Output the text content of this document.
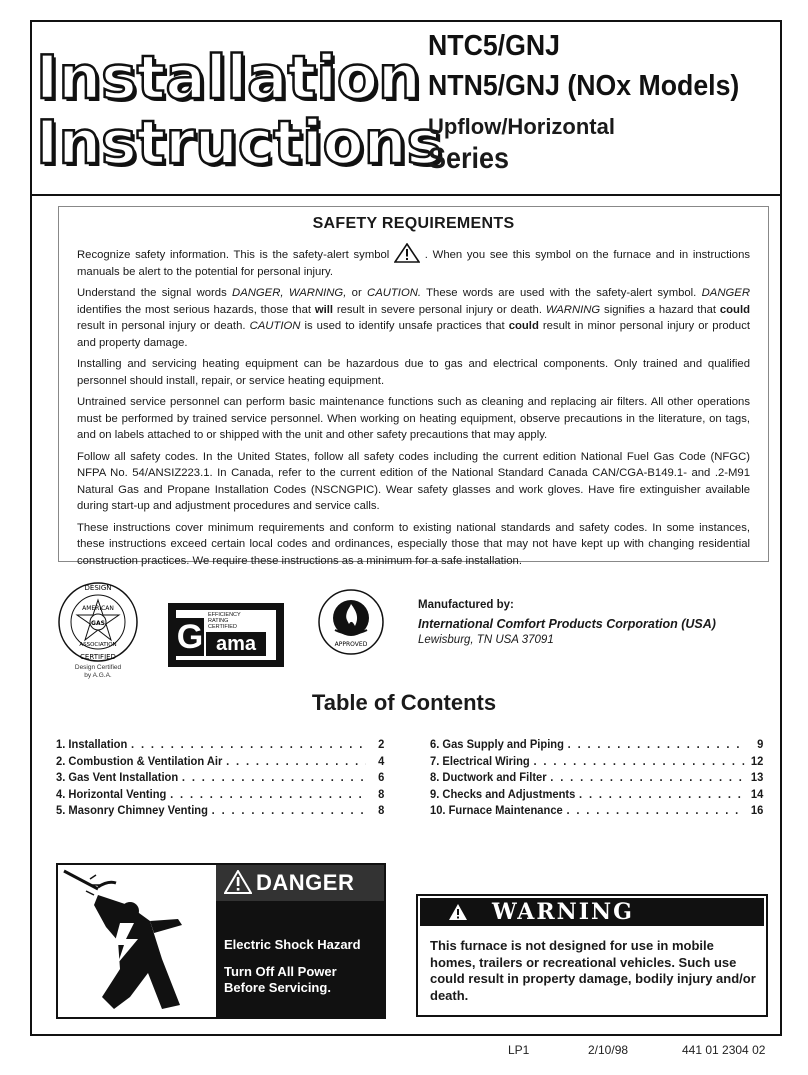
Installation
Instructions
NTC5/GNJ
NTN5/GNJ (NOx Models)
Upflow/Horizontal
Series

SAFETY REQUIREMENTS

Recognize safety information. This is the safety-alert symbol	. When you see this symbol on the furnace and in instructions manuals be alert to the potential for personal injury.

Understand the signal words DANGER, WARNING, or CAUTION. These words are used with the safety-alert symbol. DANGER identifies the most serious hazards, those that will result in severe personal injury or death. WARNING signifies a hazard that could result in personal injury or death. CAUTION is used to identify unsafe practices that could result in minor personal injury or product and property damage.

Installing and servicing heating equipment can be hazardous due to gas and electrical components. Only trained and qualified personnel should install, repair, or service heating equipment.

Untrained service personnel can perform basic maintenance functions such as cleaning and replacing air filters. All other operations must be performed by trained service personnel. When working on heating equipment, observe precautions in the literature, on tags, and on labels attached to or shipped with the unit and other safety precautions that may apply.

Follow all safety codes. In the United States, follow all safety codes including the current edition National Fuel Gas Code (NFGC) NFPA No. 54/ANSIZ223.1. In Canada, refer to the current edition of the National Standard Canada CAN/CGA-B149.1- and .2-M91 Natural Gas and Propane Installation Codes (NSCNGPIC). Wear safety glasses and work gloves. Have fire extinguisher available during start-up and adjustment procedures and service calls.

These instructions cover minimum requirements and conform to existing national standards and safety codes. In some instances, these instructions exceed certain local codes and ordinances, especially those that may not have kept up with changing residential construction practices. We require these instructions as a minimum for a safe installation.

GAS
DESIGN
AMERICAN
ASSOCIATION
CERTIFIED
Design Certified
by A.G.A.
G
EFFICIENCY
RATING
CERTIFIED
ama	APPROVED
Manufactured by:
International Comfort Products Corporation (USA)
Lewisburg, TN USA 37091
Table of Contents
1. Installation . . .	2
2. Combustion & Ventilation Air . . .	4
3. Gas Vent Installation . . .	6
4. Horizontal Venting . . .	8
5. Masonry Chimney Venting . . .	8
6. Gas Supply and Piping . . .	9
7. Electrical Wiring . . .	12
8. Ductwork and Filter . . .	13
9. Checks and Adjustments . . .	14
10. Furnace Maintenance . . .	16
DANGER
Electric Shock Hazard
Turn Off All Power
Before Servicing.
WARNING
This furnace is not designed for use in mobile homes, trailers or recreational vehicles. Such use could result in property damage, bodily injury and/or death.
LP1	2/10/98	441 01 2304 02
